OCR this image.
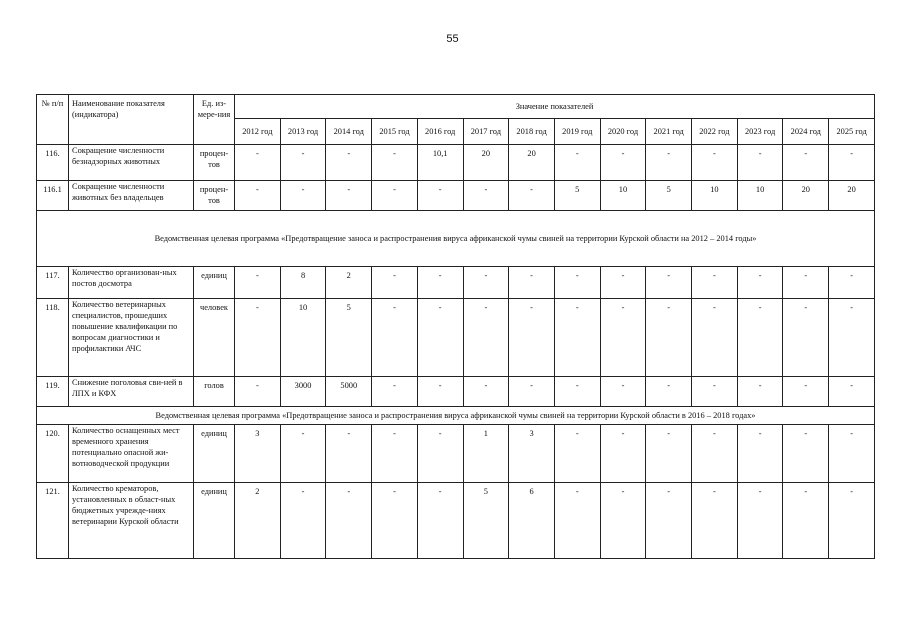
55
№ п/п	Наименование показателя (индикатора)	Ед. из-мере-ния	Значение показателей													
			2012 год	2013 год	2014 год	2015 год	2016 год	2017 год	2018 год	2019 год	2020 год	2021 год	2022 год	2023 год	2024 год	2025 год
116.	Сокращение численности безнадзорных животных	процен-тов	-	-	-	-	10,1	20	20	-	-	-	-	-	-	-
116.1	Сокращение численности животных без владельцев	процен-тов	-	-	-	-	-	-	-	5	10	5	10	10	20	20
Ведомственная целевая программа «Предотвращение заноса и распространения вируса африканской чумы свиней на территории Курской области на 2012 – 2014 годы»																
117.	Количество организован-ных постов досмотра	единиц	-	8	2	-	-	-	-	-	-	-	-	-	-	-
118.	Количество ветеринарных специалистов, прошедших повышение квалификации по вопросам диагностики и профилактики АЧС	человек	-	10	5	-	-	-	-	-	-	-	-	-	-	-
119.	Снижение поголовья сви-ней в ЛПХ и КФХ	голов	-	3000	5000	-	-	-	-	-	-	-	-	-	-	-
Ведомственная целевая программа «Предотвращение заноса и распространения вируса африканской чумы свиней на территории Курской области в 2016 – 2018 годах»																
120.	Количество оснащенных мест временного хранения потенциально опасной жи-вотноводческой продукции	единиц	3	-	-	-	-	1	3	-	-	-	-	-	-	-
121.	Количество крематоров, установленных в област-ных бюджетных учрежде-ниях ветеринарии Курской области	единиц	2	-	-	-	-	5	6	-	-	-	-	-	-	-
